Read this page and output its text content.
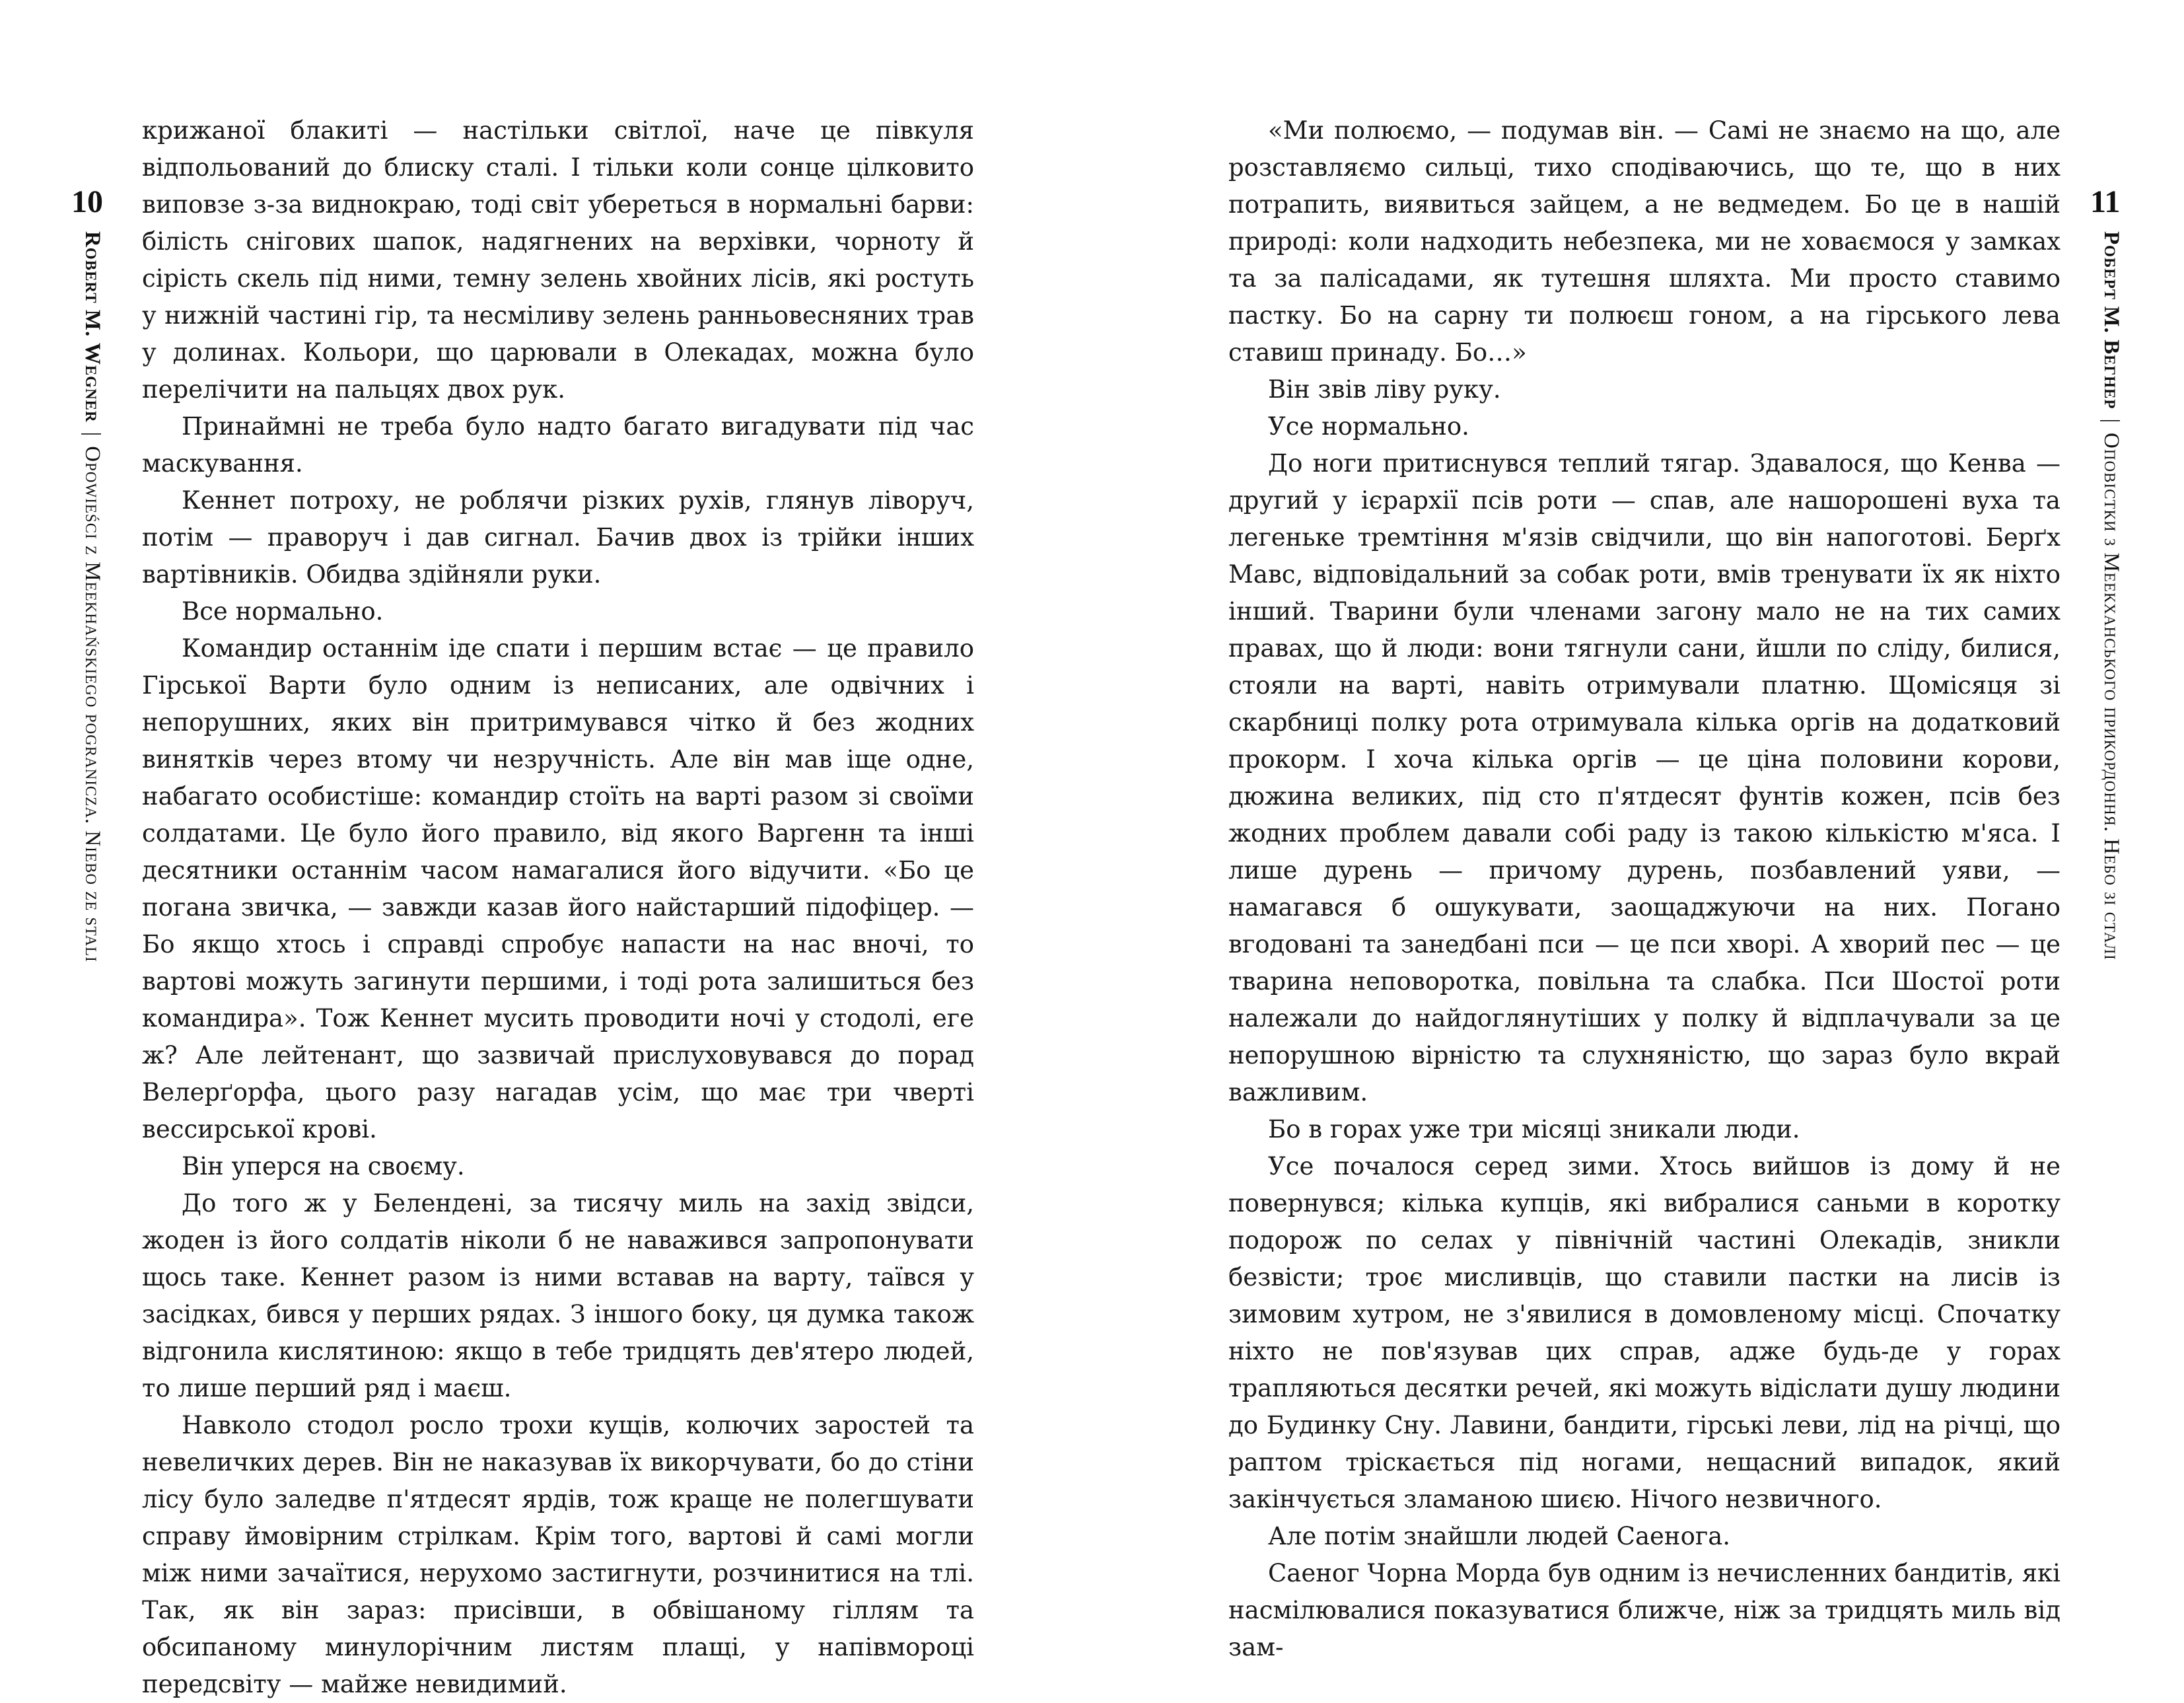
10
Robert M. Wegner|Opowieści z Meekhańskiego pogranicza. Niebo ze stali

крижаної блакиті — настільки світлої, наче це півкуля відпольований до блиску сталі. І тільки коли сонце цілковито виповзе з-за виднокраю, тоді світ убереться в нормальні барви: білість снігових шапок, надягнених на верхівки, чорноту й сірість скель під ними, темну зелень хвойних лісів, які ростуть у нижній частині гір, та несміливу зелень ранньовесняних трав у долинах. Кольори, що царювали в Олекадах, можна було перелічити на пальцях двох рук.

Принаймні не треба було надто багато вигадувати під час маскування.

Кеннет потроху, не роблячи різких рухів, глянув ліворуч, потім — праворуч і дав сигнал. Бачив двох із трійки інших вартівників. Обидва здійняли руки.

Все нормально.

Командир останнім іде спати і першим встає — це правило Гірської Варти було одним із неписаних, але одвічних і непорушних, яких він притримувався чітко й без жодних винятків через втому чи незручність. Але він мав іще одне, набагато особистіше: командир стоїть на варті разом зі своїми солдатами. Це було його правило, від якого Варгенн та інші десятники останнім часом намагалися його відучити. «Бо це погана звичка, — завжди казав його найстарший підофіцер. — Бо якщо хтось і справді спробує напасти на нас вночі, то вартові можуть загинути першими, і тоді рота залишиться без командира». Тож Кеннет мусить проводити ночі у стодолі, еге ж? Але лейтенант, що зазвичай прислуховувався до порад Велерґорфа, цього разу нагадав усім, що має три чверті вессирської крові.

Він уперся на своєму.

До того ж у Белендені, за тисячу миль на захід звідси, жоден із його солдатів ніколи б не наважився запропонувати щось таке. Кеннет разом із ними вставав на варту, таївся у засідках, бився у перших рядах. З іншого боку, ця думка також відгонила кислятиною: якщо в тебе тридцять дев'ятеро людей, то лише перший ряд і маєш.

Навколо стодол росло трохи кущів, колючих заростей та невеличких дерев. Він не наказував їх викорчувати, бо до стіни лісу було заледве п'ятдесят ярдів, тож краще не полегшувати справу ймовірним стрілкам. Крім того, вартові й самі могли між ними зачаїтися, нерухомо застигнути, розчинитися на тлі. Так, як він зараз: присівши, в обвішаному гіллям та обсипаному минулорічним листям плащі, у напівмороці передсвіту — майже невидимий.

«Ми полюємо, — подумав він. — Самі не знаємо на що, але розставляємо сильці, тихо сподіваючись, що те, що в них потрапить, виявиться зайцем, а не ведмедем. Бо це в нашій природі: коли надходить небезпека, ми не ховаємося у замках та за палісадами, як тутешня шляхта. Ми просто ставимо пастку. Бо на сарну ти полюєш гоном, а на гірського лева ставиш принаду. Бо…»

Він звів ліву руку.

Усе нормально.

До ноги притиснувся теплий тягар. Здавалося, що Кенва — другий у ієрархії псів роти — спав, але нашорошені вуха та легеньке тремтіння м'язів свідчили, що він напоготові. Берґх Мавс, відповідальний за собак роти, вмів тренувати їх як ніхто інший. Тварини були членами загону мало не на тих самих правах, що й люди: вони тягнули сани, йшли по сліду, билися, стояли на варті, навіть отримували платню. Щомісяця зі скарбниці полку рота отримувала кілька оргів на додатковий прокорм. І хоча кілька оргів — це ціна половини корови, дюжина великих, під сто п'ятдесят фунтів кожен, псів без жодних проблем давали собі раду із такою кількістю м'яса. І лише дурень — причому дурень, позбавлений уяви, — намагався б ошукувати, заощаджуючи на них. Погано вгодовані та занедбані пси — це пси хворі. А хворий пес — це тварина неповоротка, повільна та слабка. Пси Шостої роти належали до найдоглянутіших у полку й відплачували за це непорушною вірністю та слухняністю, що зараз було вкрай важливим.

Бо в горах уже три місяці зникали люди.

Усе почалося серед зими. Хтось вийшов із дому й не повернувся; кілька купців, які вибралися саньми в коротку подорож по селах у північній частині Олекадів, зникли безвісти; троє мисливців, що ставили пастки на лисів із зимовим хутром, не з'явилися в домовленому місці. Спочатку ніхто не пов'язував цих справ, адже будь-де у горах трапляються десятки речей, які можуть відіслати душу людини до Будинку Сну. Лавини, бандити, гірські леви, лід на річці, що раптом тріскається під ногами, нещасний випадок, який закінчується зламаною шиєю. Нічого незвичного.

Але потім знайшли людей Саенога.

Саеног Чорна Морда був одним із нечисленних бандитів, які насмілювалися показуватися ближче, ніж за тридцять миль від зам-

11
Роберт М. Вегнер|Оповістки з Меекханського прикордоння. Небо зі сталі
